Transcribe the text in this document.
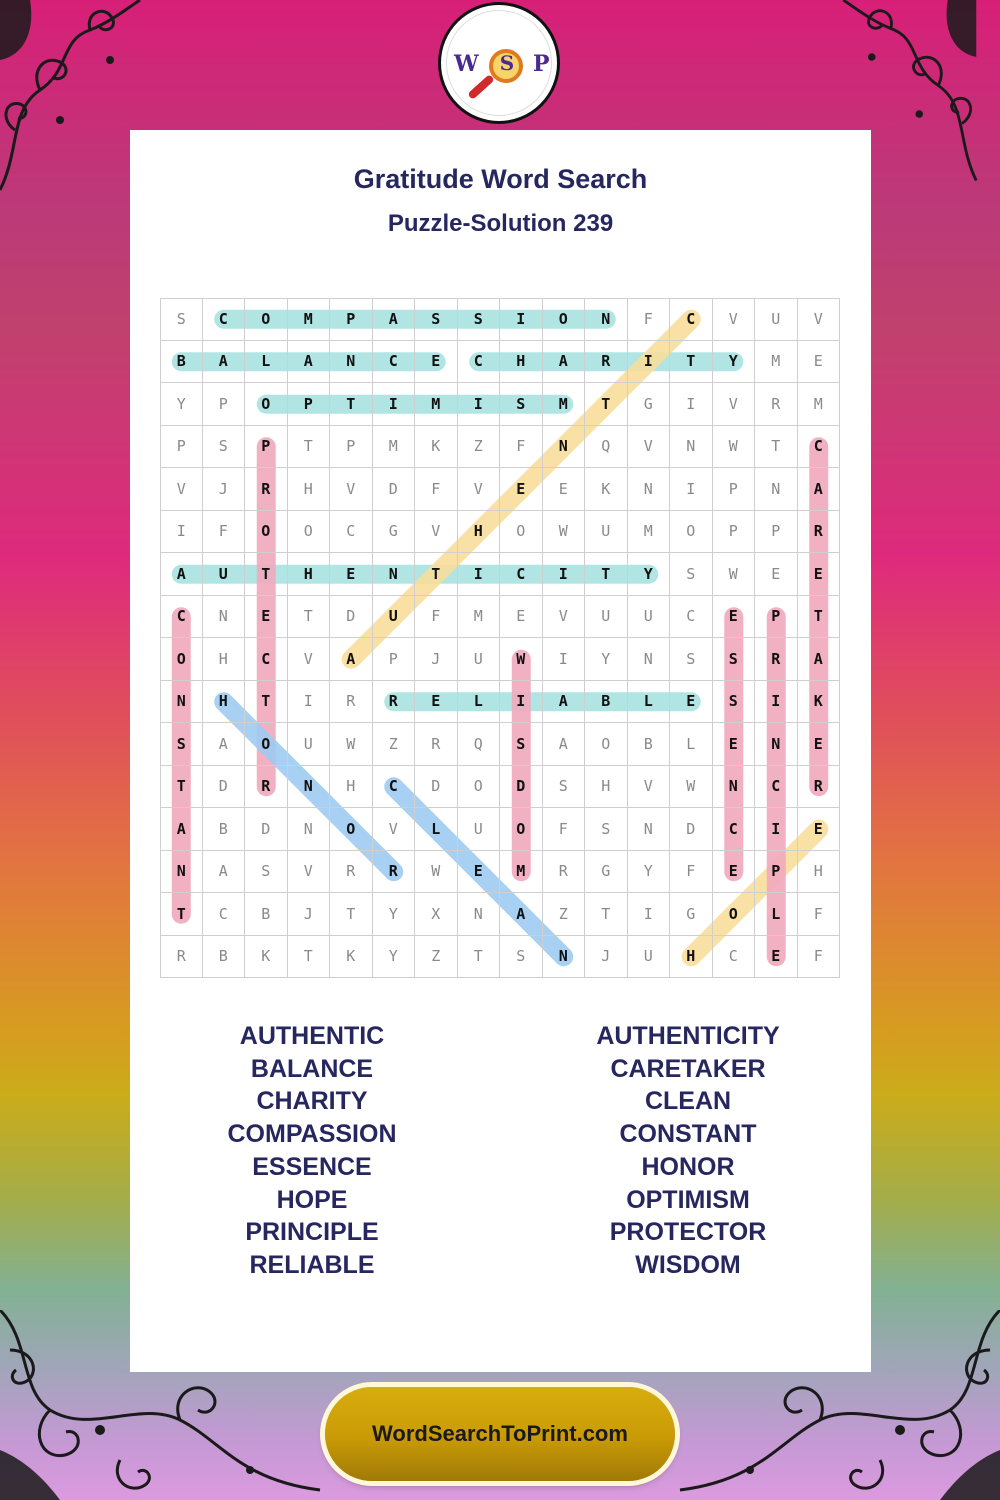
W	S P
Gratitude Word Search
Puzzle-Solution 239
S	C	O	M	P	A	S	S	I	O	N	F	C	V	U	V
B	A	L	A	N	C	E	C	H	A	R	I	T	Y	M	E
Y	P	O	P	T	I	M	I	S	M	T	G	I	V	R	M
P	S	P	T	P	M	K	Z	F	N	Q	V	N	W	T	C
V	J	R	H	V	D	F	V	E	E	K	N	I	P	N	A
I	F	O	O	C	G	V	H	O	W	U	M	O	P	P	R
A	U	T	H	E	N	T	I	C	I	T	Y	S	W	E	E
C	N	E	T	D	U	F	M	E	V	U	U	C	E	P	T
O	H	C	V	A	P	J	U	W	I	Y	N	S	S	R	A
N	H	T	I	R	R	E	L	I	A	B	L	E	S	I	K
S	A	O	U	W	Z	R	Q	S	A	O	B	L	E	N	E
T	D	R	N	H	C	D	O	D	S	H	V	W	N	C	R
A	B	D	N	O	V	L	U	O	F	S	N	D	C	I	E
N	A	S	V	R	R	W	E	M	R	G	Y	F	E	P	H
T	C	B	J	T	Y	X	N	A	Z	T	I	G	O	L	F
R	B	K	T	K	Y	Z	T	S	N	J	U	H	C	E	F
AUTHENTIC
BALANCE
CHARITY
COMPASSION
ESSENCE
HOPE
PRINCIPLE
RELIABLE
AUTHENTICITY
CARETAKER
CLEAN
CONSTANT
HONOR
OPTIMISM
PROTECTOR
WISDOM
WordSearchToPrint.com
